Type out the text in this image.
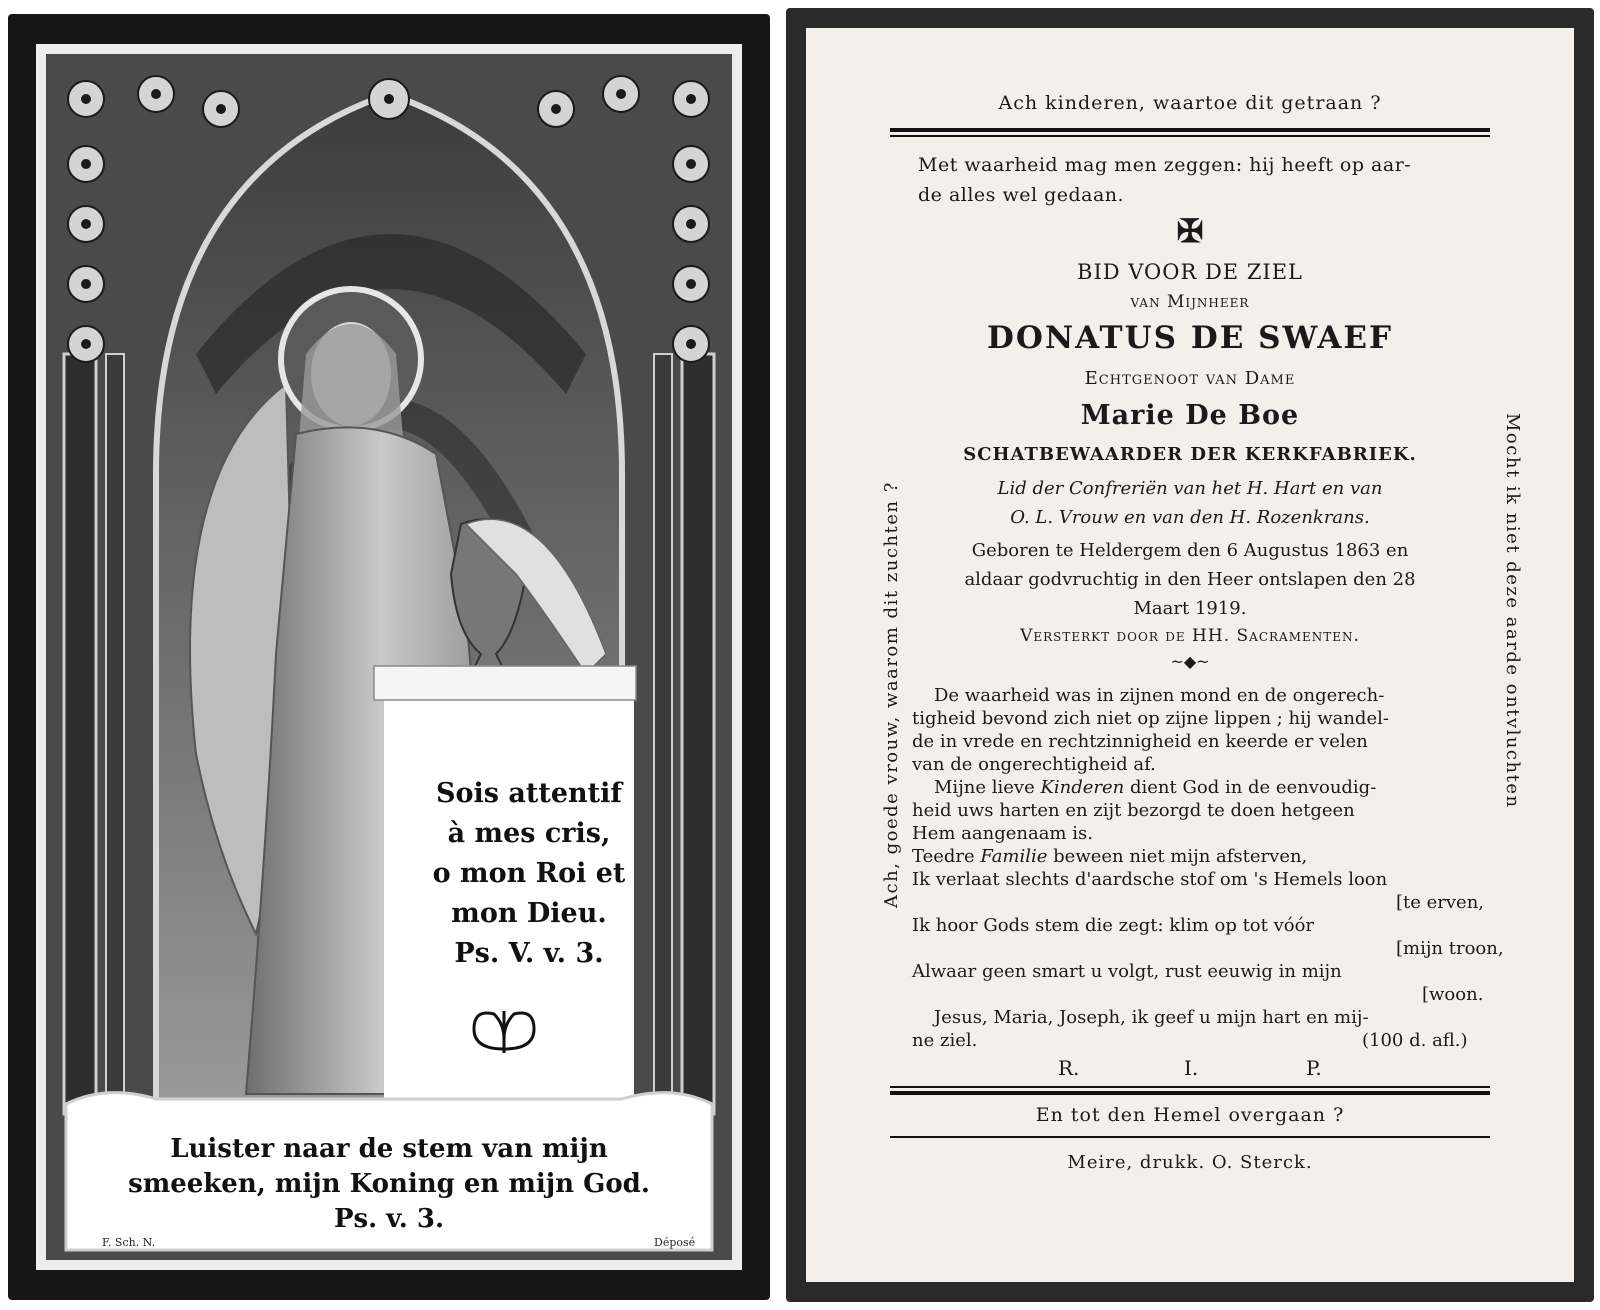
Sois attentif
à mes cris,
o mon Roi et
mon Dieu.
Ps. V. v. 3.
Luister naar de stem van mijn
smeeken, mijn Koning en mijn God.
Ps. v. 3.
F. Sch. N.	Déposé
Ach kinderen, waartoe dit getraan ?
Met waarheid mag men zeggen: hij heeft op aar-
de alles wel gedaan.
✠
BID VOOR DE ZIEL
van Mijnheer
DONATUS DE SWAEF
Echtgenoot van Dame
Marie De Boe
SCHATBEWAARDER DER KERKFABRIEK.
Lid der Confreriën van het H. Hart en van
O. L. Vrouw en van den H. Rozenkrans.
Geboren te Heldergem den 6 Augustus 1863 en
aldaar godvruchtig in den Heer ontslapen den 28
Maart 1919.
Versterkt door de HH. Sacramenten.
~◆~
Ach, goede vrouw, waarom dit zuchten ?	Mocht ik niet deze aarde ontvluchten
De waarheid was in zijnen mond en de ongerech-
tigheid bevond zich niet op zijne lippen ; hij wandel-
de in vrede en rechtzinnigheid en keerde er velen
van de ongerechtigheid af.
Mijne lieve Kinderen dient God in de eenvoudig-
heid uws harten en zijt bezorgd te doen hetgeen
Hem aangenaam is.
Teedre Familie beween niet mijn afsterven,
Ik verlaat slechts d'aardsche stof om 's Hemels loon
[te erven,
Ik hoor Gods stem die zegt: klim op tot vóór
[mijn troon,
Alwaar geen smart u volgt, rust eeuwig in mijn
[woon.
Jesus, Maria, Joseph, ik geef u mijn hart en mij-
ne ziel.	(100 d. afl.)
R.	I.	P.
En tot den Hemel overgaan ?
Meire, drukk. O. Sterck.
